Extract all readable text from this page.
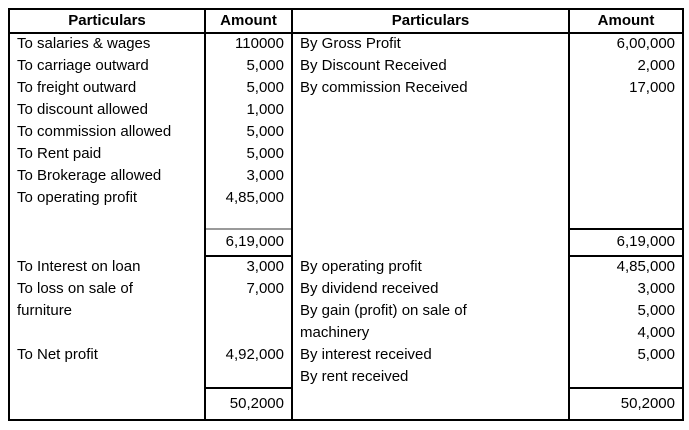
Particulars	Amount	Particulars	Amount
To salaries & wages	110000	By Gross Profit	6,00,000
To carriage outward	5,000	By Discount Received	2,000
To freight outward	5,000	By commission Received	17,000
To discount allowed	1,000		
To commission allowed	5,000		
To Rent paid	5,000		
To Brokerage allowed	3,000		
To operating profit	4,85,000		

	6,19,000		6,19,000
To Interest on loan	3,000	By operating profit	4,85,000
To loss on sale of	7,000	By dividend received	3,000
furniture		By gain (profit) on sale of	5,000
		machinery	4,000
To Net profit	4,92,000	By interest received	5,000
		By rent received	
	50,2000		50,2000
